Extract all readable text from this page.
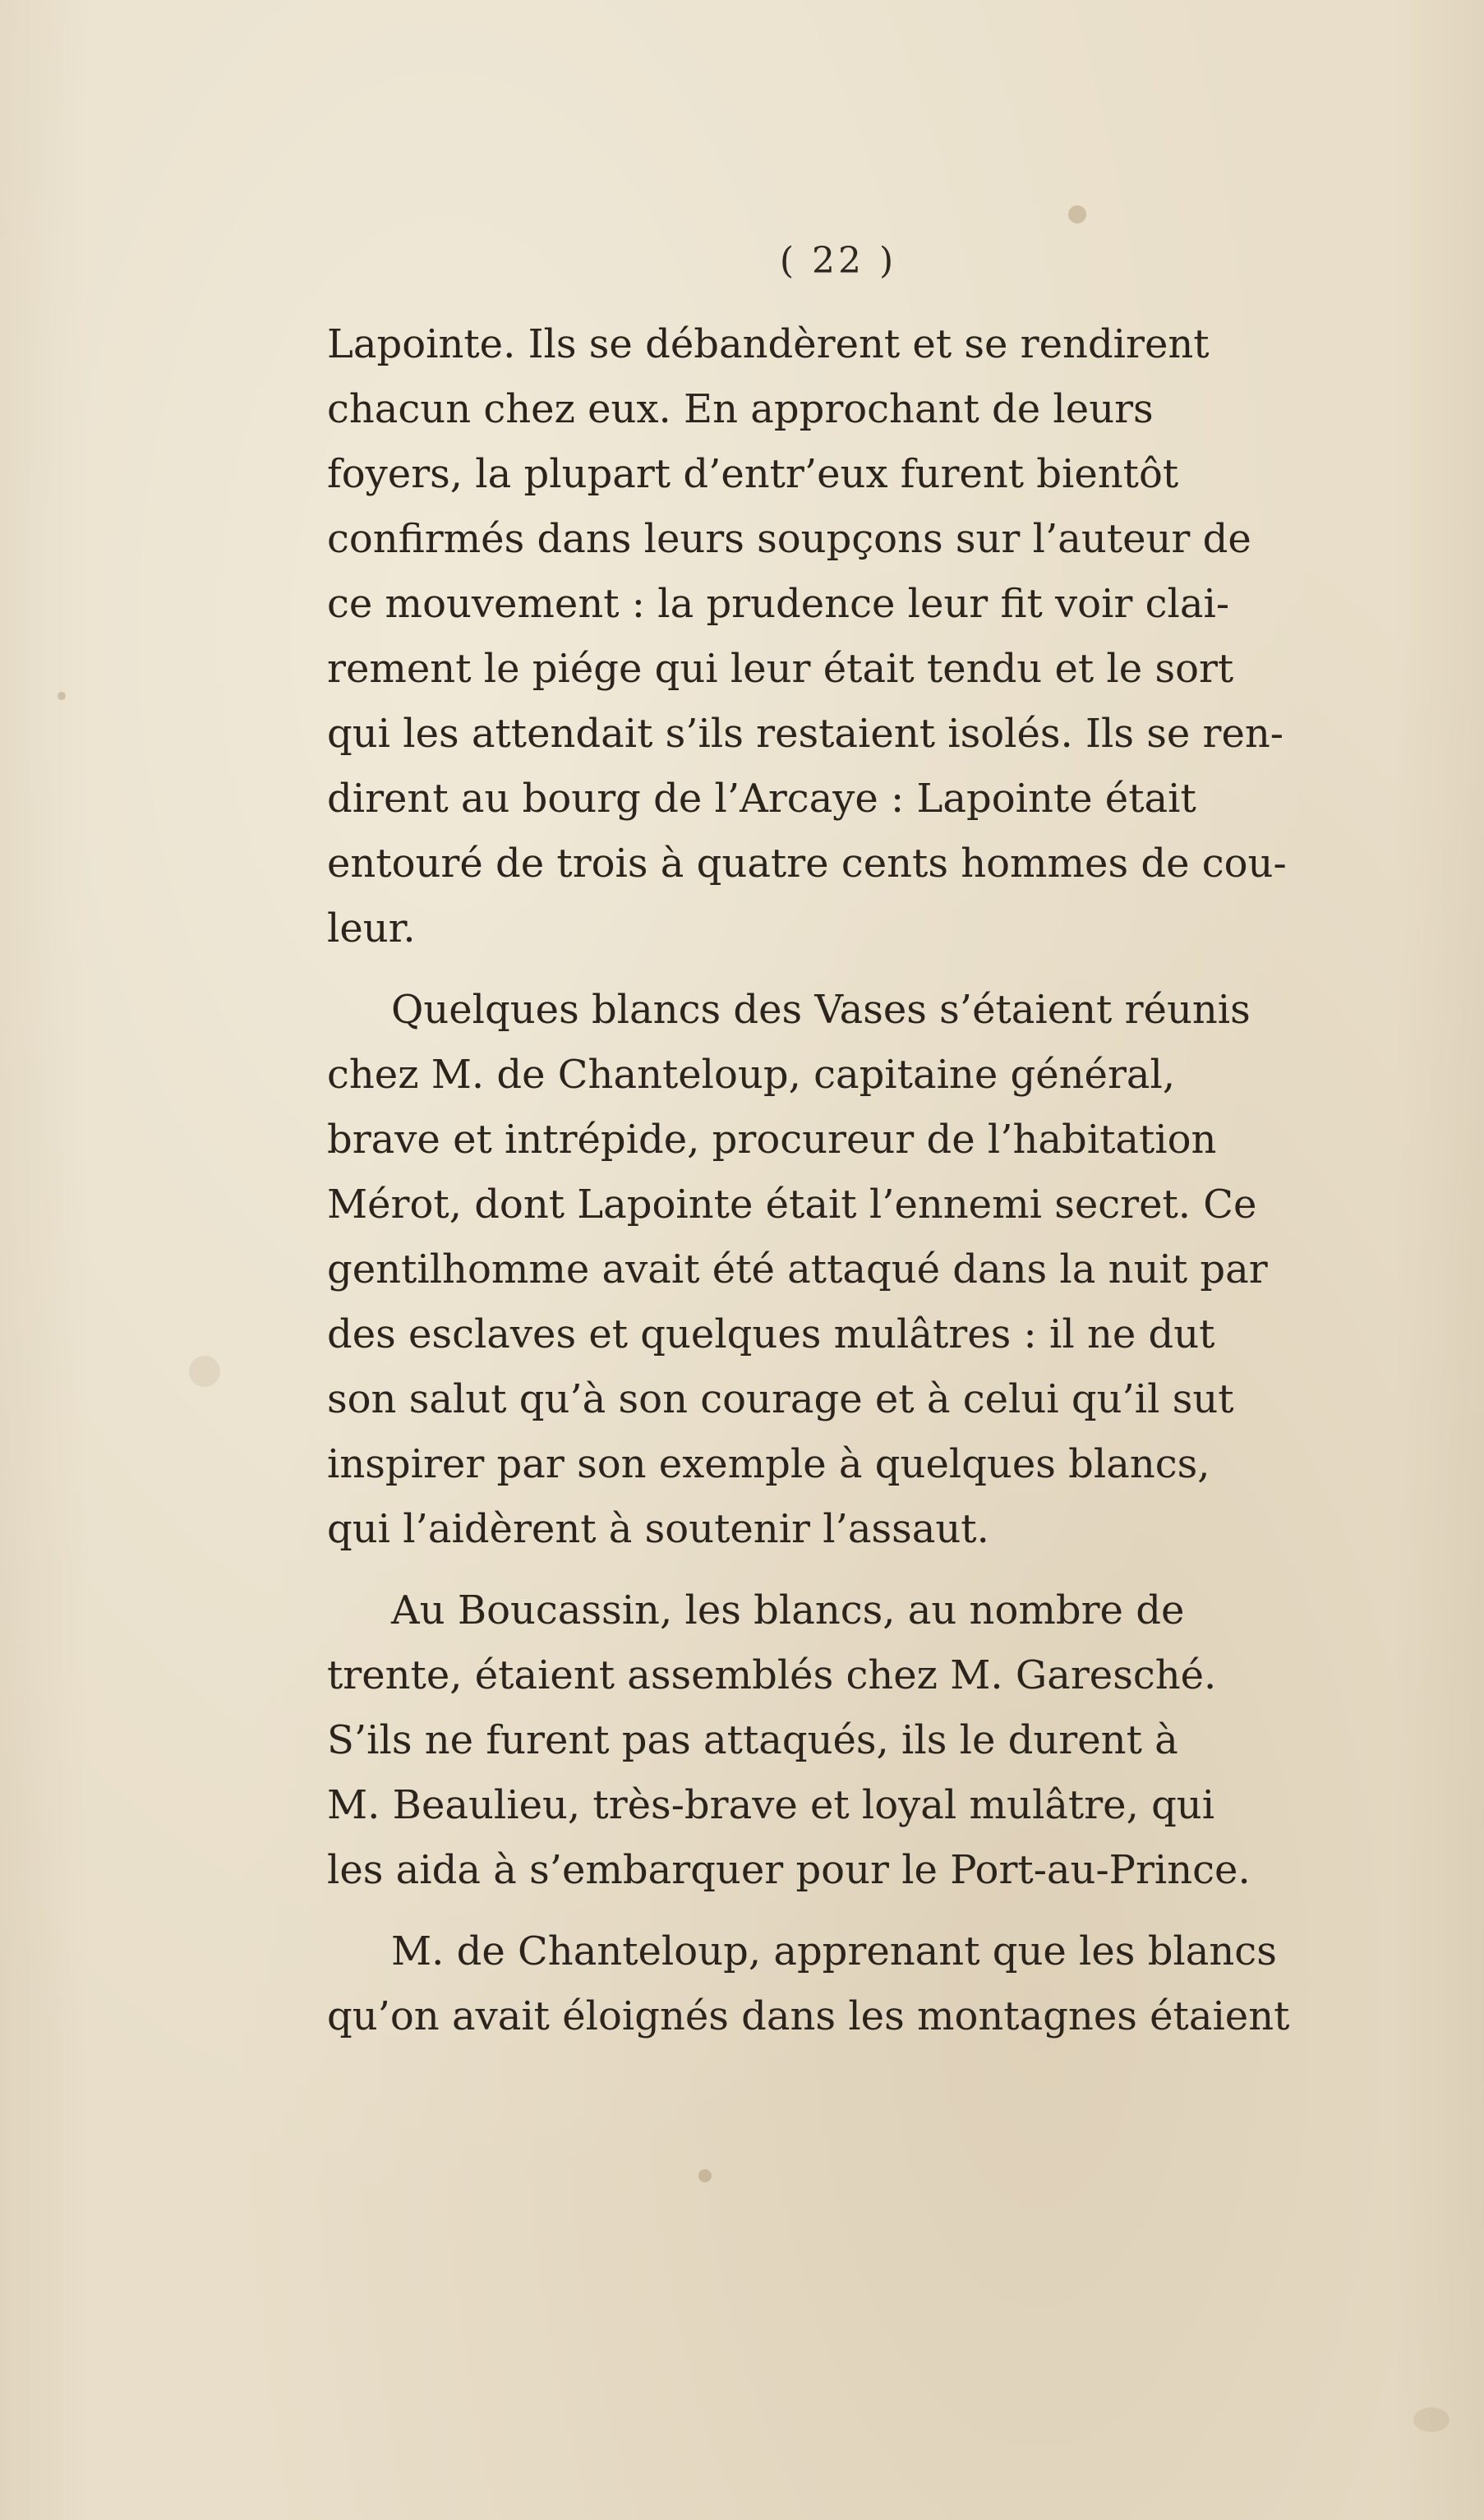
( 22 )

Lapointe. Ils se débandèrent et se rendirent
chacun chez eux. En approchant de leurs
foyers, la plupart d’entr’eux furent bientôt
confirmés dans leurs soupçons sur l’auteur de
ce mouvement : la prudence leur fit voir clai-
rement le piége qui leur était tendu et le sort
qui les attendait s’ils restaient isolés. Ils se ren-
dirent au bourg de l’Arcaye : Lapointe était
entouré de trois à quatre cents hommes de cou-
leur.
Quelques blancs des Vases s’étaient réunis
chez M. de Chanteloup, capitaine général,
brave et intrépide, procureur de l’habitation
Mérot, dont Lapointe était l’ennemi secret. Ce
gentilhomme avait été attaqué dans la nuit par
des esclaves et quelques mulâtres : il ne dut
son salut qu’à son courage et à celui qu’il sut
inspirer par son exemple à quelques blancs,
qui l’aidèrent à soutenir l’assaut.
Au Boucassin, les blancs, au nombre de
trente, étaient assemblés chez M. Garesché.
S’ils ne furent pas attaqués, ils le durent à
M. Beaulieu, très-brave et loyal mulâtre, qui
les aida à s’embarquer pour le Port-au-Prince.
M. de Chanteloup, apprenant que les blancs
qu’on avait éloignés dans les montagnes étaient
